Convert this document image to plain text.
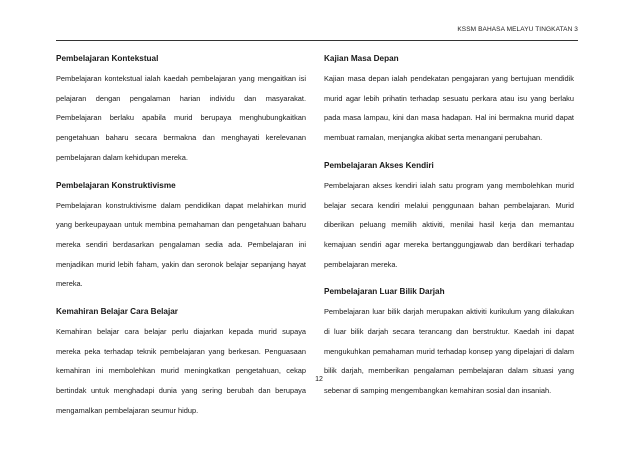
KSSM BAHASA MELAYU TINGKATAN 3
Pembelajaran Kontekstual

Pembelajaran kontekstual ialah kaedah pembelajaran yang mengaitkan isi pelajaran dengan pengalaman harian individu dan masyarakat. Pembelajaran berlaku apabila murid berupaya menghubungkaitkan pengetahuan baharu secara bermakna dan menghayati kerelevanan pembelajaran dalam kehidupan mereka.

Pembelajaran Konstruktivisme

Pembelajaran konstruktivisme dalam pendidikan dapat melahirkan murid yang berkeupayaan untuk membina pemahaman dan pengetahuan baharu mereka sendiri berdasarkan pengalaman sedia ada. Pembelajaran ini menjadikan murid lebih faham, yakin dan seronok belajar sepanjang hayat mereka.

Kemahiran Belajar Cara Belajar

Kemahiran belajar cara belajar perlu diajarkan kepada murid supaya mereka peka terhadap teknik pembelajaran yang berkesan. Penguasaan kemahiran ini membolehkan murid meningkatkan pengetahuan, cekap bertindak untuk menghadapi dunia yang sering berubah dan berupaya mengamalkan pembelajaran seumur hidup.

Kajian Masa Depan

Kajian masa depan ialah pendekatan pengajaran yang bertujuan mendidik murid agar lebih prihatin terhadap sesuatu perkara atau isu yang berlaku pada masa lampau, kini dan masa hadapan. Hal ini bermakna murid dapat membuat ramalan, menjangka akibat serta menangani perubahan.

Pembelajaran Akses Kendiri

Pembelajaran akses kendiri ialah satu program yang membolehkan murid belajar secara kendiri melalui penggunaan bahan pembelajaran. Murid diberikan peluang memilih aktiviti, menilai hasil kerja dan memantau kemajuan sendiri agar mereka bertanggungjawab dan berdikari terhadap pembelajaran mereka.

Pembelajaran Luar Bilik Darjah

Pembelajaran luar bilik darjah merupakan aktiviti kurikulum yang dilakukan di luar bilik darjah secara terancang dan berstruktur. Kaedah ini dapat mengukuhkan pemahaman murid terhadap konsep yang dipelajari di dalam bilik darjah, memberikan pengalaman pembelajaran dalam situasi yang sebenar di samping mengembangkan kemahiran sosial dan insaniah.

12
